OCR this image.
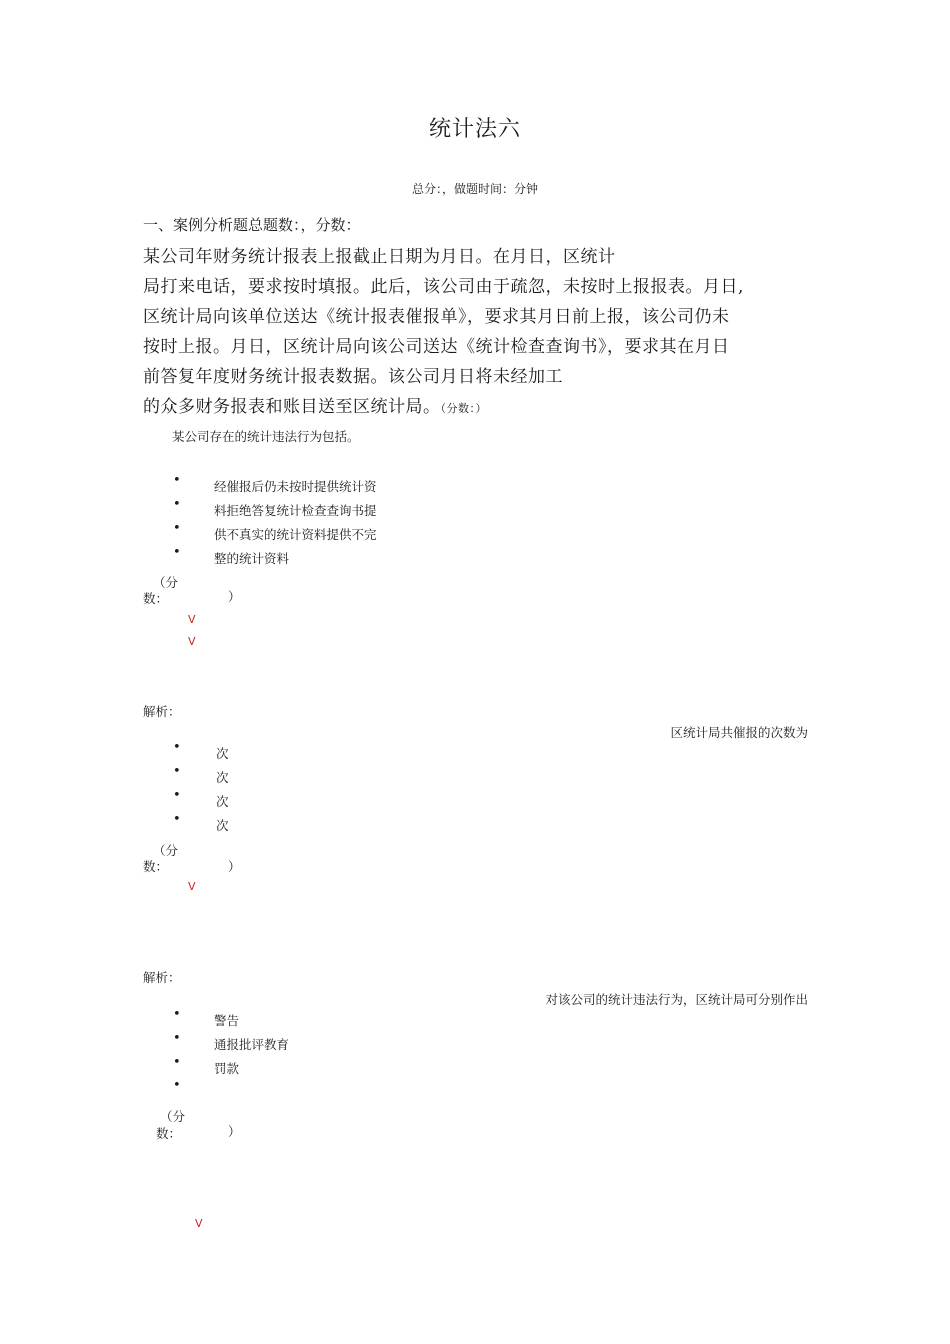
统计法六
总分：，做题时间：分钟
一、案例分析题总题数：，分数：
某公司年财务统计报表上报截止日期为月日。在月日，区统计
局打来电话，要求按时填报。此后，该公司由于疏忽，未按时上报报表。月日,
区统计局向该单位送达《统计报表催报单》，要求其月日前上报，该公司仍未
按时上报。月日，区统计局向该公司送达《统计检查查询书》，要求其在月日
前答复年度财务统计报表数据。该公司月日将未经加工
的众多财务报表和账目送至区统计局。（分数：）
某公司存在的统计违法行为包括。
•	经催报后仍未按时提供统计资
•	料拒绝答复统计检查查询书提
•	供不真实的统计资料提供不完
•	整的统计资料
（分
数：	）
V
V
解析：
区统计局共催报的次数为
•	次
•	次
•	次
•	次
（分
数：	）
V
解析：
对该公司的统计违法行为，区统计局可分别作出
•	警告
•	通报批评教育
•	罚款
•
（分
数：	）
V
